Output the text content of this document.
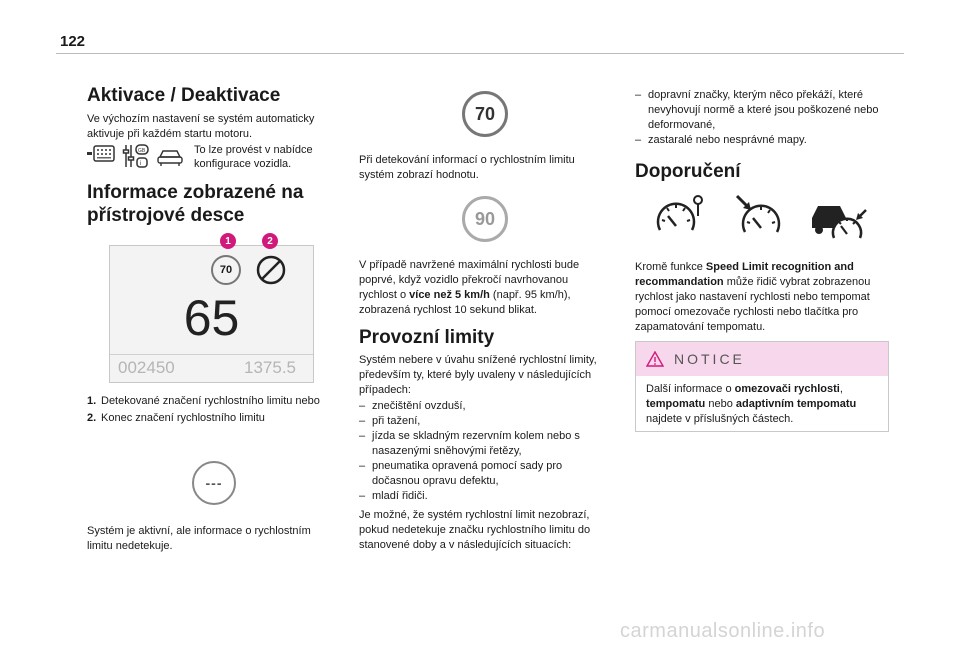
122
Aktivace / Deaktivace

Ve výchozím nastavení se systém automaticky aktivuje při každém startu motoru.

GB
i
To lze provést v nabídce
konfigurace vozidla.
Informace zobrazené na
přístrojové desce
70
65
002450	1375.5
1	2
1. Detekované značení rychlostního limitu nebo
2. Konec značení rychlostního limitu
---

Systém je aktivní, ale informace o rychlostním limitu nedetekuje.

70

Při detekování informací o rychlostním limitu systém zobrazí hodnotu.

90

V případě navržené maximální rychlosti bude poprvé, když vozidlo překročí navrhovanou rychlost o více než 5 km/h (např. 95 km/h), zobrazená rychlost 10 sekund blikat.

Provozní limity

Systém nebere v úvahu snížené rychlostní limity, především ty, které byly uvaleny v následujících případech:

– znečištění ovzduší,
– při tažení,
– jízda se skladným rezervním kolem nebo s nasazenými sněhovými řetězy,
– pneumatika opravená pomocí sady pro dočasnou opravu defektu,
– mladí řidiči.

Je možné, že systém rychlostní limit nezobrazí, pokud nedetekuje značku rychlostního limitu do stanovené doby a v následujících situacích:

– dopravní značky, kterým něco překáží, které nevyhovují normě a které jsou poškozené nebo deformované,
– zastaralé nebo nesprávné mapy.
Doporučení

Kromě funkce Speed Limit recognition and recommandation může řidič vybrat zobrazenou rychlost jako nastavení rychlosti nebo tempomat pomocí omezovače rychlosti nebo tlačítka pro zapamatování tempomatu.

NOTICE

Další informace o omezovači rychlosti, tempomatu nebo adaptivním tempomatu najdete v příslušných částech.

carmanualsonline.info
